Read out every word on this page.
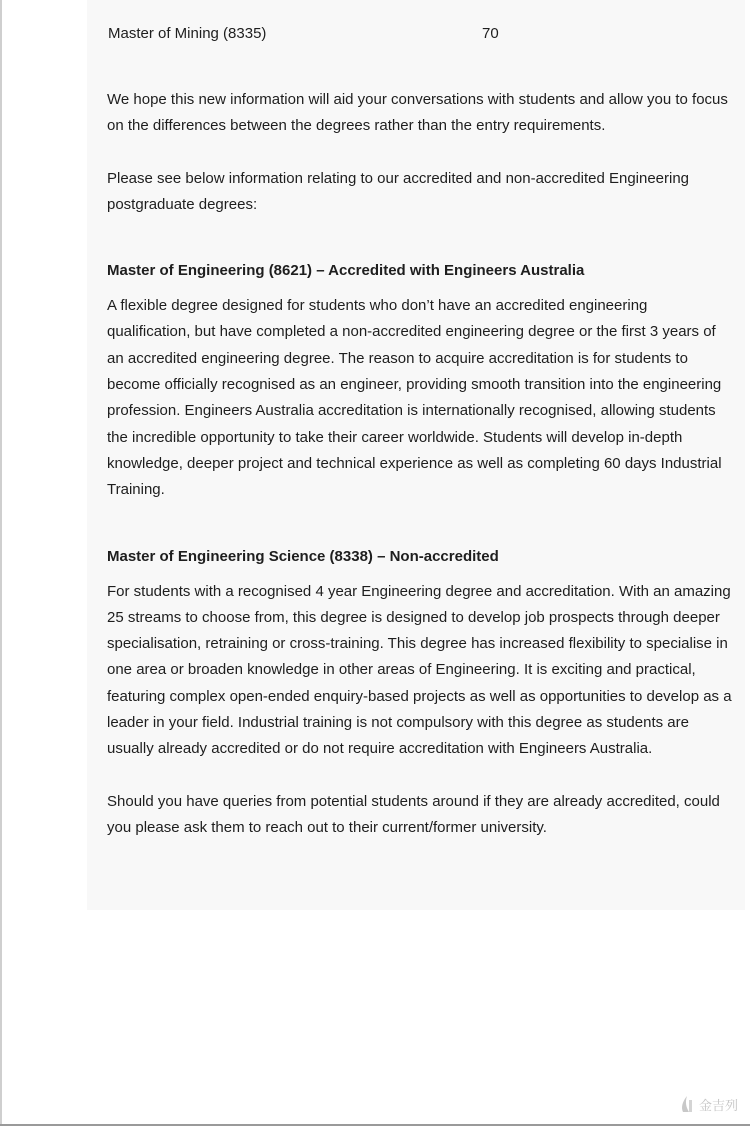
Master of Mining (8335)	70

We hope this new information will aid your conversations with students and allow you to focus on the differences between the degrees rather than the entry requirements.

Please see below information relating to our accredited and non-accredited Engineering postgraduate degrees:

Master of Engineering (8621) – Accredited with Engineers Australia

A flexible degree designed for students who don’t have an accredited engineering qualification, but have completed a non-accredited engineering degree or the first 3 years of an accredited engineering degree. The reason to acquire accreditation is for students to become officially recognised as an engineer, providing smooth transition into the engineering profession. Engineers Australia accreditation is internationally recognised, allowing students the incredible opportunity to take their career worldwide. Students will develop in-depth knowledge, deeper project and technical experience as well as completing 60 days Industrial Training.

Master of Engineering Science (8338) – Non-accredited

For students with a recognised 4 year Engineering degree and accreditation. With an amazing 25 streams to choose from, this degree is designed to develop job prospects through deeper specialisation, retraining or cross-training. This degree has increased flexibility to specialise in one area or broaden knowledge in other areas of Engineering. It is exciting and practical, featuring complex open-ended enquiry-based projects as well as opportunities to develop as a leader in your field. Industrial training is not compulsory with this degree as students are usually already accredited or do not require accreditation with Engineers Australia.

Should you have queries from potential students around if they are already accredited, could you please ask them to reach out to their current/former university.

金吉列
